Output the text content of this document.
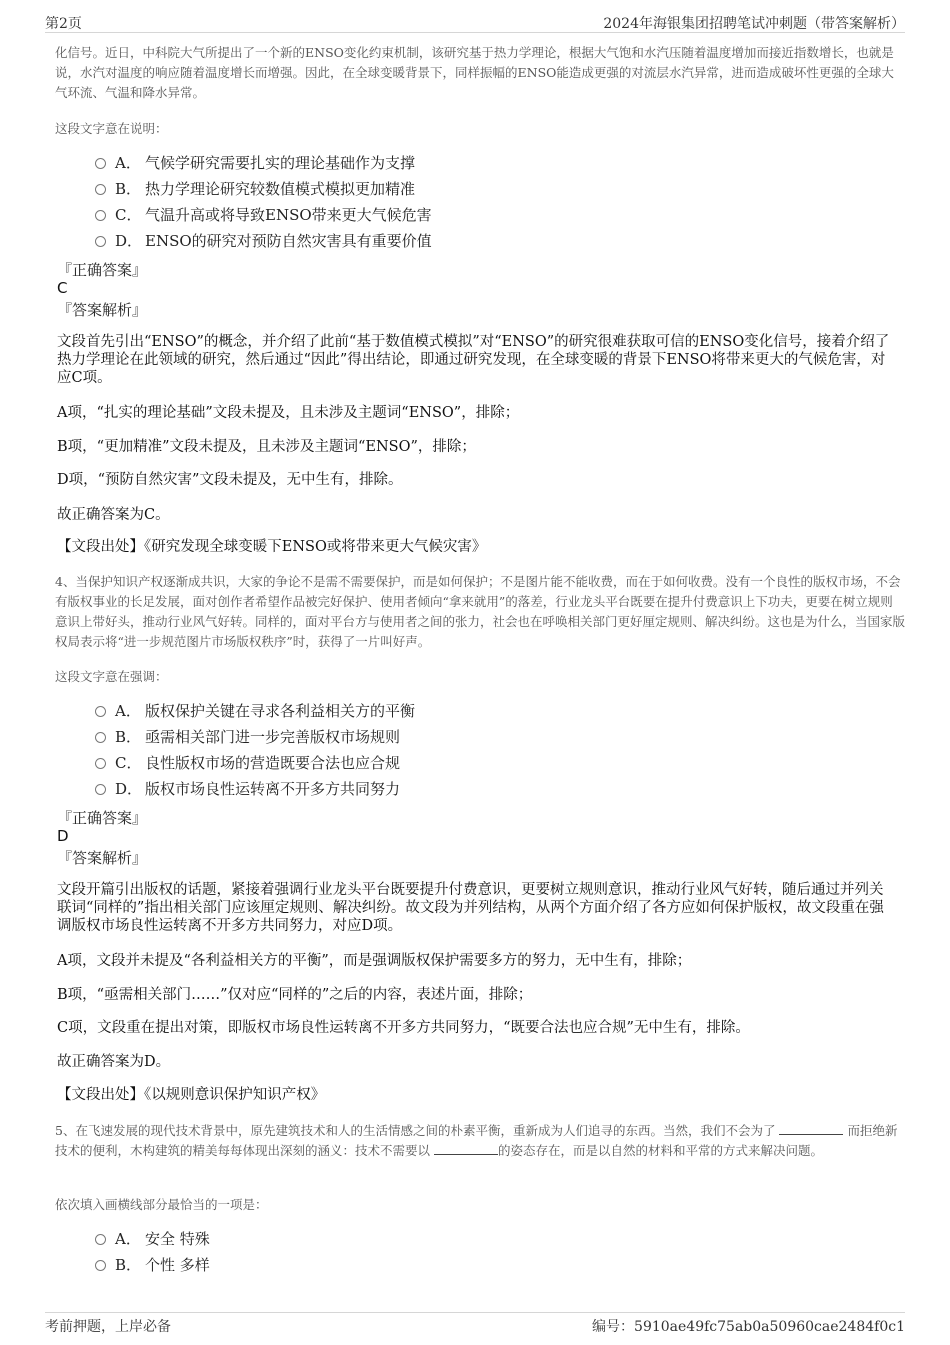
第2页	2024年海银集团招聘笔试冲刺题（带答案解析）
化信号。近日，中科院大气所提出了一个新的ENSO变化约束机制，该研究基于热力学理论，根据大气饱和水汽压随着温度增加而接近指数增长，也就是说，水汽对温度的响应随着温度增长而增强。因此，在全球变暖背景下，同样振幅的ENSO能造成更强的对流层水汽异常，进而造成破坏性更强的全球大气环流、气温和降水异常。
这段文字意在说明：
A． 气候学研究需要扎实的理论基础作为支撑
B． 热力学理论研究较数值模式模拟更加精准
C． 气温升高或将导致ENSO带来更大气候危害
D． ENSO的研究对预防自然灾害具有重要价值
『正确答案』
C
『答案解析』
文段首先引出“ENSO”的概念，并介绍了此前“基于数值模式模拟”对“ENSO”的研究很难获取可信的ENSO变化信号，接着介绍了热力学理论在此领域的研究，然后通过“因此”得出结论，即通过研究发现，在全球变暖的背景下ENSO将带来更大的气候危害，对应C项。
A项，“扎实的理论基础”文段未提及，且未涉及主题词“ENSO”，排除；
B项，“更加精准”文段未提及，且未涉及主题词“ENSO”，排除；
D项，“预防自然灾害”文段未提及，无中生有，排除。
故正确答案为C。
【文段出处】《研究发现全球变暖下ENSO或将带来更大气候灾害》
4、当保护知识产权逐渐成共识，大家的争论不是需不需要保护，而是如何保护；不是图片能不能收费，而在于如何收费。没有一个良性的版权市场，不会有版权事业的长足发展，面对创作者希望作品被完好保护、使用者倾向“拿来就用”的落差，行业龙头平台既要在提升付费意识上下功夫，更要在树立规则意识上带好头，推动行业风气好转。同样的，面对平台方与使用者之间的张力，社会也在呼唤相关部门更好厘定规则、解决纠纷。这也是为什么，当国家版权局表示将“进一步规范图片市场版权秩序”时，获得了一片叫好声。
这段文字意在强调：
A． 版权保护关键在寻求各利益相关方的平衡
B． 亟需相关部门进一步完善版权市场规则
C． 良性版权市场的营造既要合法也应合规
D． 版权市场良性运转离不开多方共同努力
『正确答案』
D
『答案解析』
文段开篇引出版权的话题，紧接着强调行业龙头平台既要提升付费意识，更要树立规则意识，推动行业风气好转，随后通过并列关联词“同样的”指出相关部门应该厘定规则、解决纠纷。故文段为并列结构，从两个方面介绍了各方应如何保护版权，故文段重在强调版权市场良性运转离不开多方共同努力，对应D项。
A项，文段并未提及“各利益相关方的平衡”，而是强调版权保护需要多方的努力，无中生有，排除；
B项，“亟需相关部门……”仅对应“同样的”之后的内容，表述片面，排除；
C项，文段重在提出对策，即版权市场良性运转离不开多方共同努力，“既要合法也应合规”无中生有，排除。
故正确答案为D。
【文段出处】《以规则意识保护知识产权》
5、在飞速发展的现代技术背景中，原先建筑技术和人的生活情感之间的朴素平衡，重新成为人们追寻的东西。当然，我们不会为了	而拒绝新技术的便利，木构建筑的精美每每体现出深刻的涵义：技术不需要以	的姿态存在，而是以自然的材料和平常的方式来解决问题。
依次填入画横线部分最恰当的一项是：
A． 安全 特殊
B． 个性 多样
考前押题，上岸必备	编号：5910ae49fc75ab0a50960cae2484f0c1
